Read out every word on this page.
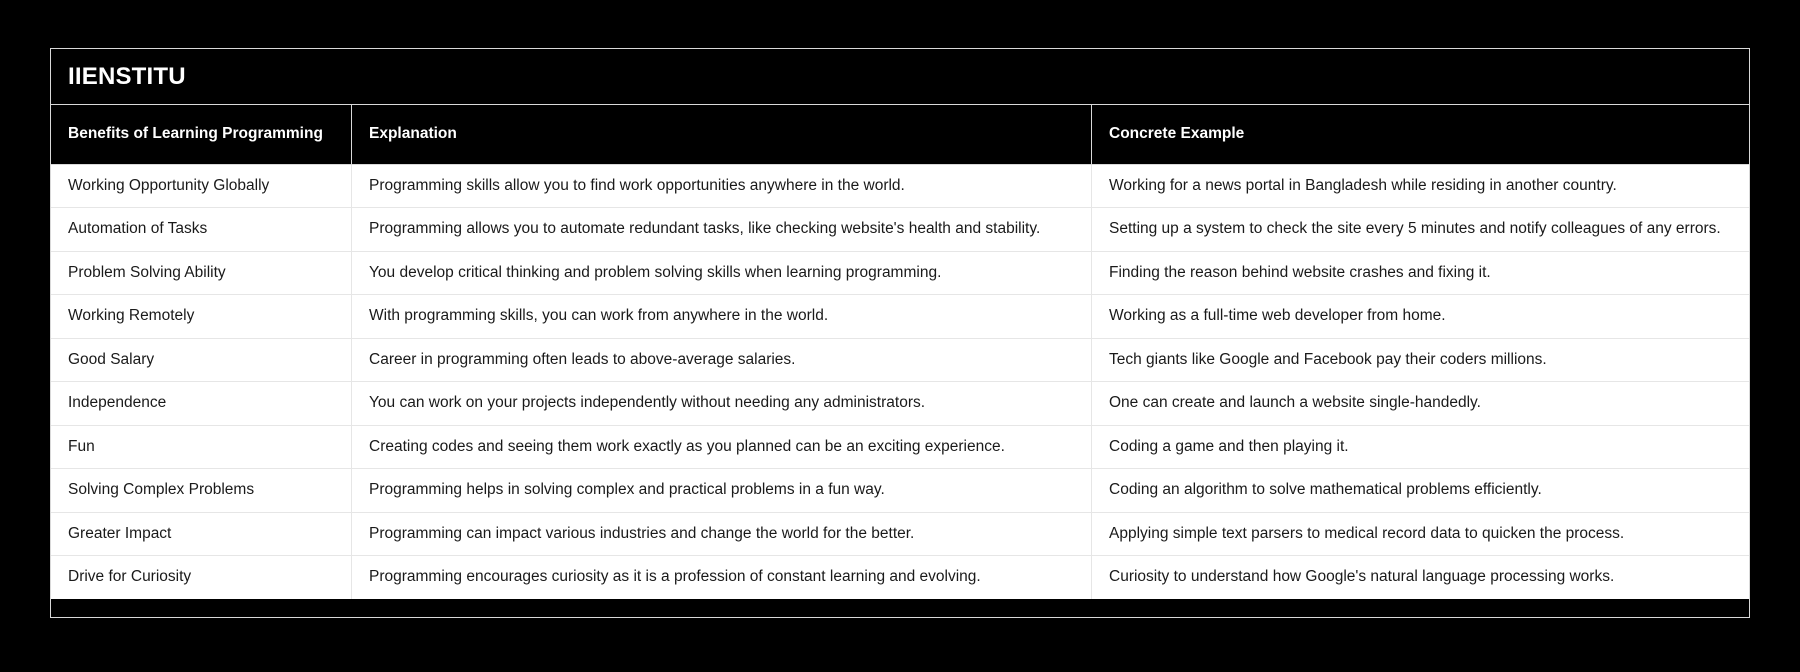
IIENSTITU
Benefits of Learning Programming	Explanation	Concrete Example
Working Opportunity Globally	Programming skills allow you to find work opportunities anywhere in the world.	Working for a news portal in Bangladesh while residing in another country.
Automation of Tasks	Programming allows you to automate redundant tasks, like checking website's health and stability.	Setting up a system to check the site every 5 minutes and notify colleagues of any errors.
Problem Solving Ability	You develop critical thinking and problem solving skills when learning programming.	Finding the reason behind website crashes and fixing it.
Working Remotely	With programming skills, you can work from anywhere in the world.	Working as a full-time web developer from home.
Good Salary	Career in programming often leads to above-average salaries.	Tech giants like Google and Facebook pay their coders millions.
Independence	You can work on your projects independently without needing any administrators.	One can create and launch a website single-handedly.
Fun	Creating codes and seeing them work exactly as you planned can be an exciting experience.	Coding a game and then playing it.
Solving Complex Problems	Programming helps in solving complex and practical problems in a fun way.	Coding an algorithm to solve mathematical problems efficiently.
Greater Impact	Programming can impact various industries and change the world for the better.	Applying simple text parsers to medical record data to quicken the process.
Drive for Curiosity	Programming encourages curiosity as it is a profession of constant learning and evolving.	Curiosity to understand how Google's natural language processing works.
